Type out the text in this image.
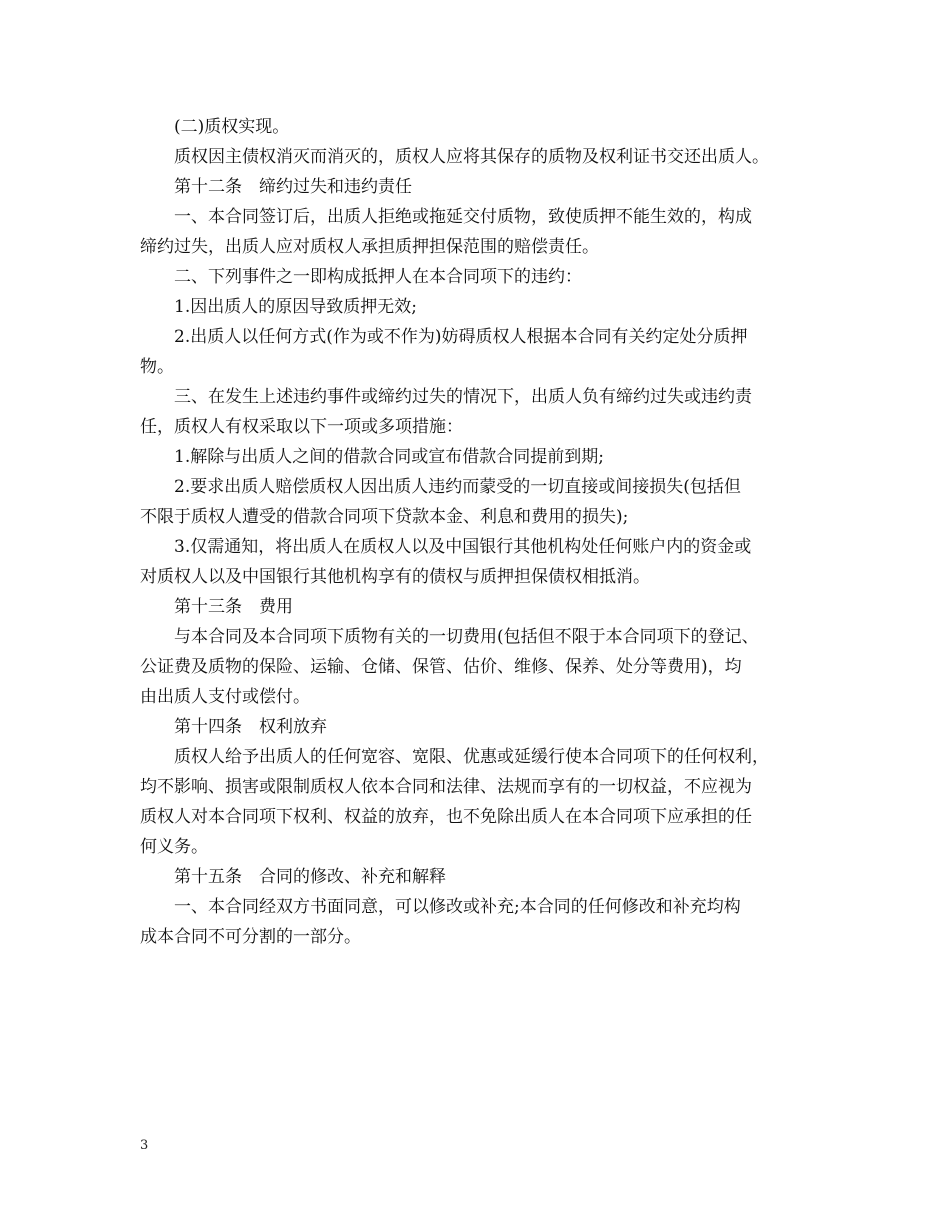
(二)质权实现。
质权因主债权消灭而消灭的，质权人应将其保存的质物及权利证书交还出质人。
第十二条　缔约过失和违约责任
一、本合同签订后，出质人拒绝或拖延交付质物，致使质押不能生效的，构成
缔约过失，出质人应对质权人承担质押担保范围的赔偿责任。
二、下列事件之一即构成抵押人在本合同项下的违约：
1.因出质人的原因导致质押无效;
2.出质人以任何方式(作为或不作为)妨碍质权人根据本合同有关约定处分质押
物。
三、在发生上述违约事件或缔约过失的情况下，出质人负有缔约过失或违约责
任，质权人有权采取以下一项或多项措施：
1.解除与出质人之间的借款合同或宣布借款合同提前到期;
2.要求出质人赔偿质权人因出质人违约而蒙受的一切直接或间接损失(包括但
不限于质权人遭受的借款合同项下贷款本金、利息和费用的损失);
3.仅需通知，将出质人在质权人以及中国银行其他机构处任何账户内的资金或
对质权人以及中国银行其他机构享有的债权与质押担保债权相抵消。
第十三条　费用
与本合同及本合同项下质物有关的一切费用(包括但不限于本合同项下的登记、
公证费及质物的保险、运输、仓储、保管、估价、维修、保养、处分等费用)，均
由出质人支付或偿付。
第十四条　权利放弃
质权人给予出质人的任何宽容、宽限、优惠或延缓行使本合同项下的任何权利，
均不影响、损害或限制质权人依本合同和法律、法规而享有的一切权益，不应视为
质权人对本合同项下权利、权益的放弃，也不免除出质人在本合同项下应承担的任
何义务。
第十五条　合同的修改、补充和解释
一、本合同经双方书面同意，可以修改或补充;本合同的任何修改和补充均构
成本合同不可分割的一部分。
3
